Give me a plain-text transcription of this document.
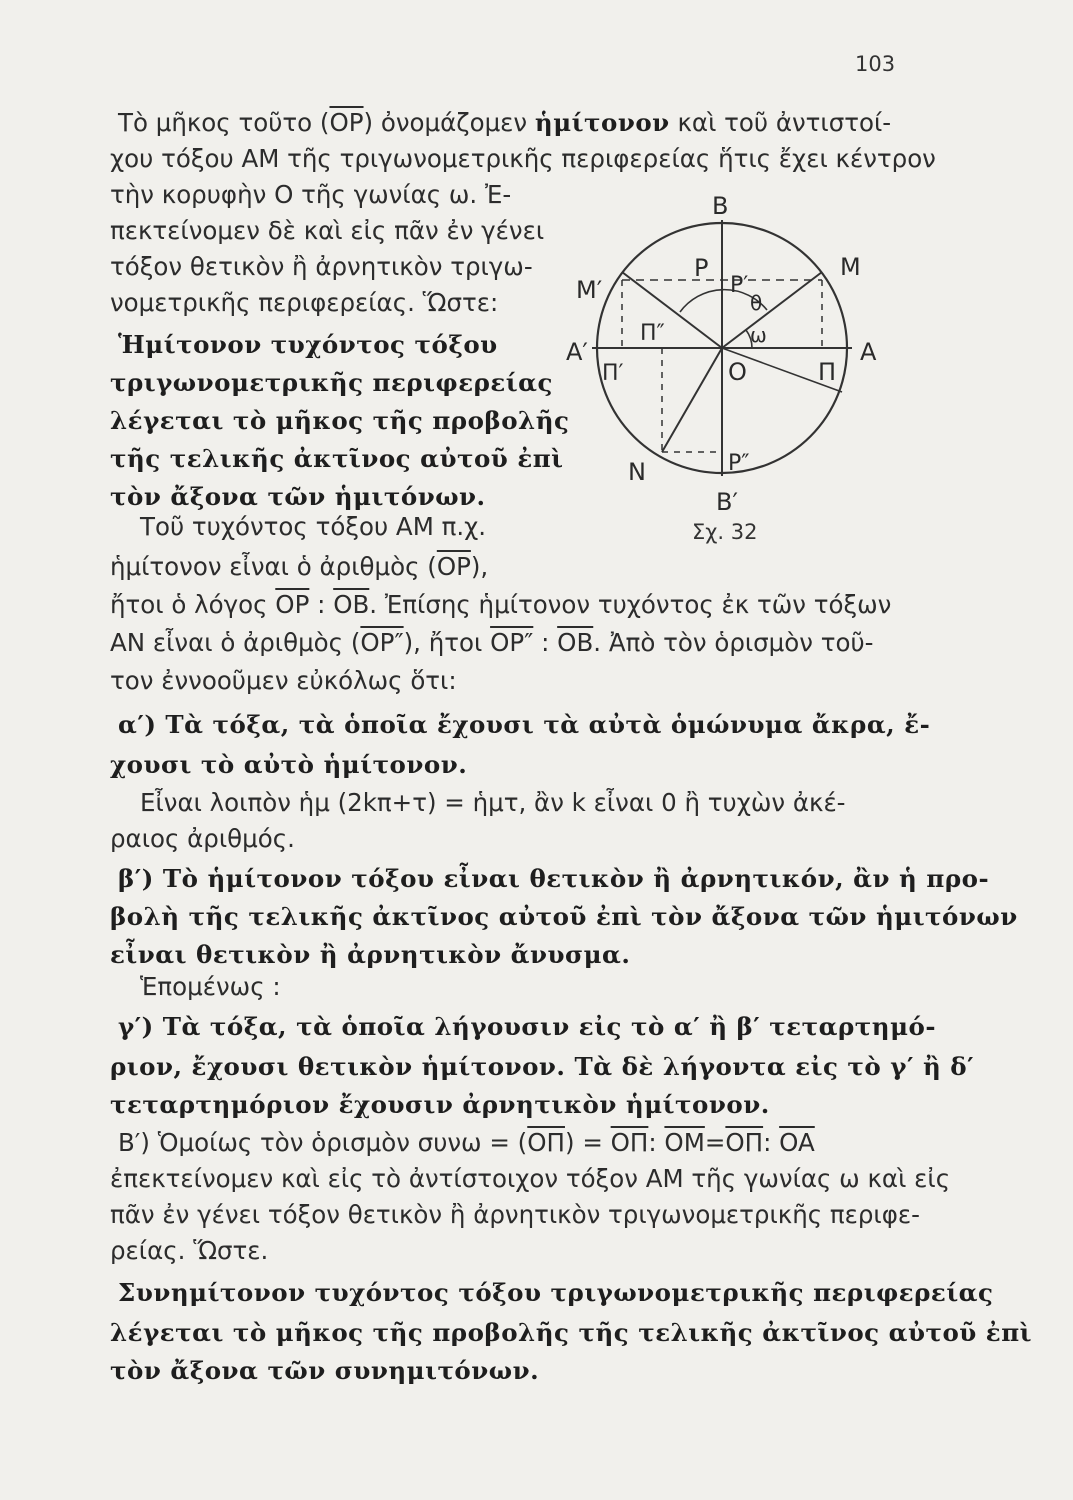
103
Τὸ μῆκος τοῦτο $(\overline{OP})$ ὀνομάζομεν ἡμίτονον καὶ τοῦ ἀντιστοί-
χου τόξου AM τῆς τριγωνομετρικῆς περιφερείας ἥτις ἔχει κέντρον
τὴν κορυφὴν O τῆς γωνίας ω. Ἐ-
πεκτείνομεν δὲ καὶ εἰς πᾶν ἐν γένει
τόξον θετικὸν ἢ ἀρνητικὸν τριγω-
νομετρικῆς περιφερείας. Ὥστε:
Ἡμίτονον τυχόντος τόξου
τριγωνομετρικῆς περιφερείας
λέγεται τὸ μῆκος τῆς προβολῆς
τῆς τελικῆς ἀκτῖνος αὐτοῦ ἐπὶ
τὸν ἄξονα τῶν ἡμιτόνων.
Τοῦ τυχόντος τόξου AM π.χ.
ἡμίτονον εἶναι ὁ ἀριθμὸς $(\overline{OP})$,
ἤτοι ὁ λόγος $\overline{OP}$ : $\overline{OB}$. Ἐπίσης ἡμίτονον τυχόντος ἐκ τῶν τόξων
AN εἶναι ὁ ἀριθμὸς (OP″), ἤτοι OP″ : $\overline{OB}$. Ἀπὸ τὸν ὁρισμὸν τοῦ-
τον ἐννοοῦμεν εὐκόλως ὅτι:
α′) Τὰ τόξα, τὰ ὁποῖα ἔχουσι τὰ αὐτὰ ὁμώνυμα ἄκρα, ἔ-
χουσι τὸ αὐτὸ ἡμίτονον.
Εἶναι λοιπὸν ἡμ (2kπ+τ) = ἡμτ, ἂν k εἶναι 0 ἢ τυχὼν ἀκέ-
ραιος ἀριθμός.
β′) Τὸ ἡμίτονον τόξου εἶναι θετικὸν ἢ ἀρνητικόν, ἂν ἡ προ-
βολὴ τῆς τελικῆς ἀκτῖνος αὐτοῦ ἐπὶ τὸν ἄξονα τῶν ἡμιτόνων
εἶναι θετικὸν ἢ ἀρνητικὸν ἄνυσμα.
Ἑπομένως :
γ′) Τὰ τόξα, τὰ ὁποῖα λήγουσιν εἰς τὸ α′ ἢ β′ τεταρτημό-
ριον, ἔχουσι θετικὸν ἡμίτονον. Τὰ δὲ λήγοντα εἰς τὸ γ′ ἢ δ′
τεταρτημόριον ἔχουσιν ἀρνητικὸν ἡμίτονον.
B′) Ὁμοίως τὸν ὁρισμὸν $\sigma\upsilon\nu\omega = (\overline{O\Pi}) = \overline{O\Pi}$: $\overline{OM}=\overline{O\Pi}$: $\overline{OA}$
ἐπεκτείνομεν καὶ εἰς τὸ ἀντίστοιχον τόξον AM τῆς γωνίας ω καὶ εἰς
πᾶν ἐν γένει τόξον θετικὸν ἢ ἀρνητικὸν τριγωνομετρικῆς περιφε-
ρείας. Ὥστε.
Συνημίτονον τυχόντος τόξου τριγωνομετρικῆς περιφερείας
λέγεται τὸ μῆκος τῆς προβολῆς τῆς τελικῆς ἀκτῖνος αὐτοῦ ἐπὶ
τὸν ἄξονα τῶν συνημιτόνων.
B
B′
M
M′
P
P′
P″
θ
ω
A
A′
O	Π
Π′
Π″
N
Σχ. 32
